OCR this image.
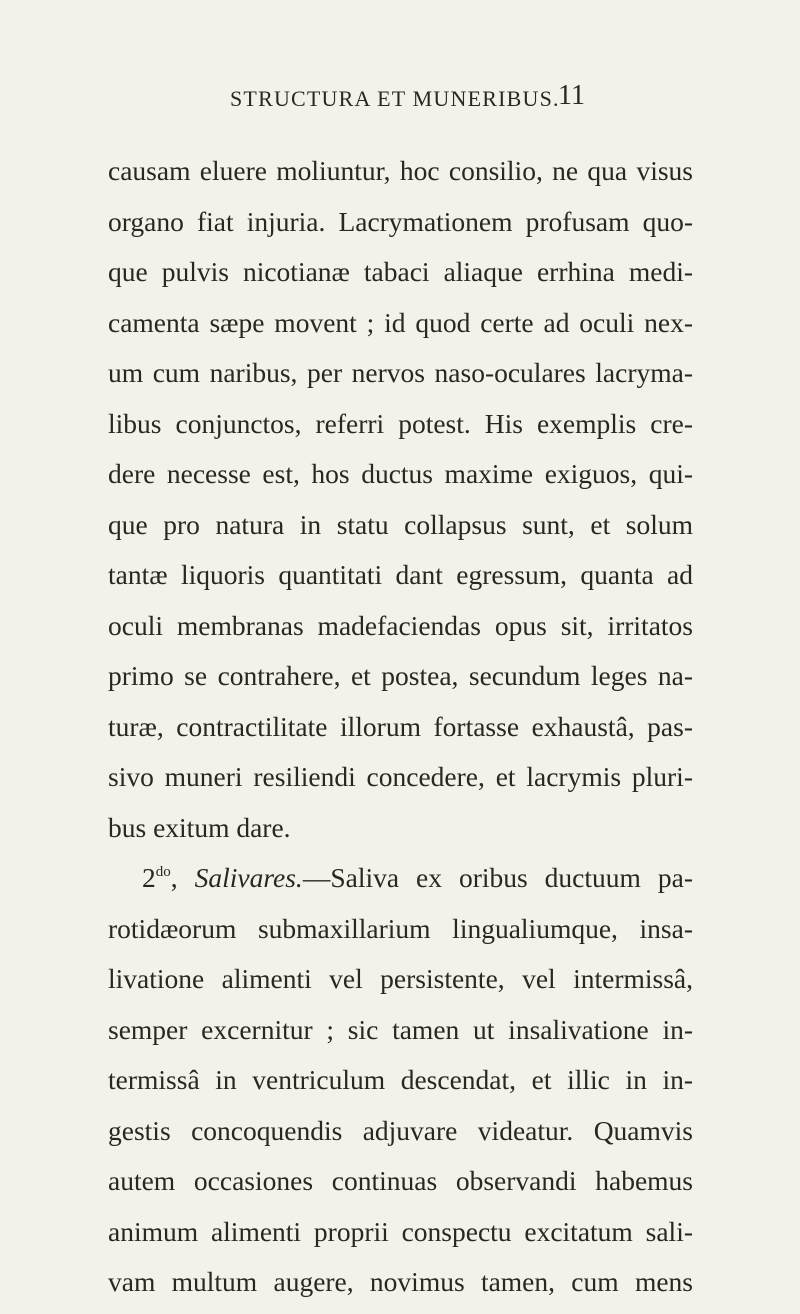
STRUCTURA ET MUNERIBUS.
11
causam eluere moliuntur, hoc consilio, ne qua visus
organo fiat injuria. Lacrymationem profusam quo-
que pulvis nicotianæ tabaci aliaque errhina medi-
camenta sæpe movent ; id quod certe ad oculi nex-
um cum naribus, per nervos naso-oculares lacryma-
libus conjunctos, referri potest. His exemplis cre-
dere necesse est, hos ductus maxime exiguos, qui-
que pro natura in statu collapsus sunt, et solum
tantæ liquoris quantitati dant egressum, quanta ad
oculi membranas madefaciendas opus sit, irritatos
primo se contrahere, et postea, secundum leges na-
turæ, contractilitate illorum fortasse exhaustâ, pas-
sivo muneri resiliendi concedere, et lacrymis pluri-
bus exitum dare.
$2^{do}$, Salivares.—Saliva ex oribus ductuum pa-
rotidæorum submaxillarium lingualiumque, insa-
livatione alimenti vel persistente, vel intermissâ,
semper excernitur ; sic tamen ut insalivatione in-
termissâ in ventriculum descendat, et illic in in-
gestis concoquendis adjuvare videatur. Quamvis
autem occasiones continuas observandi habemus
animum alimenti proprii conspectu excitatum sali-
vam multum augere, novimus tamen, cum mens
